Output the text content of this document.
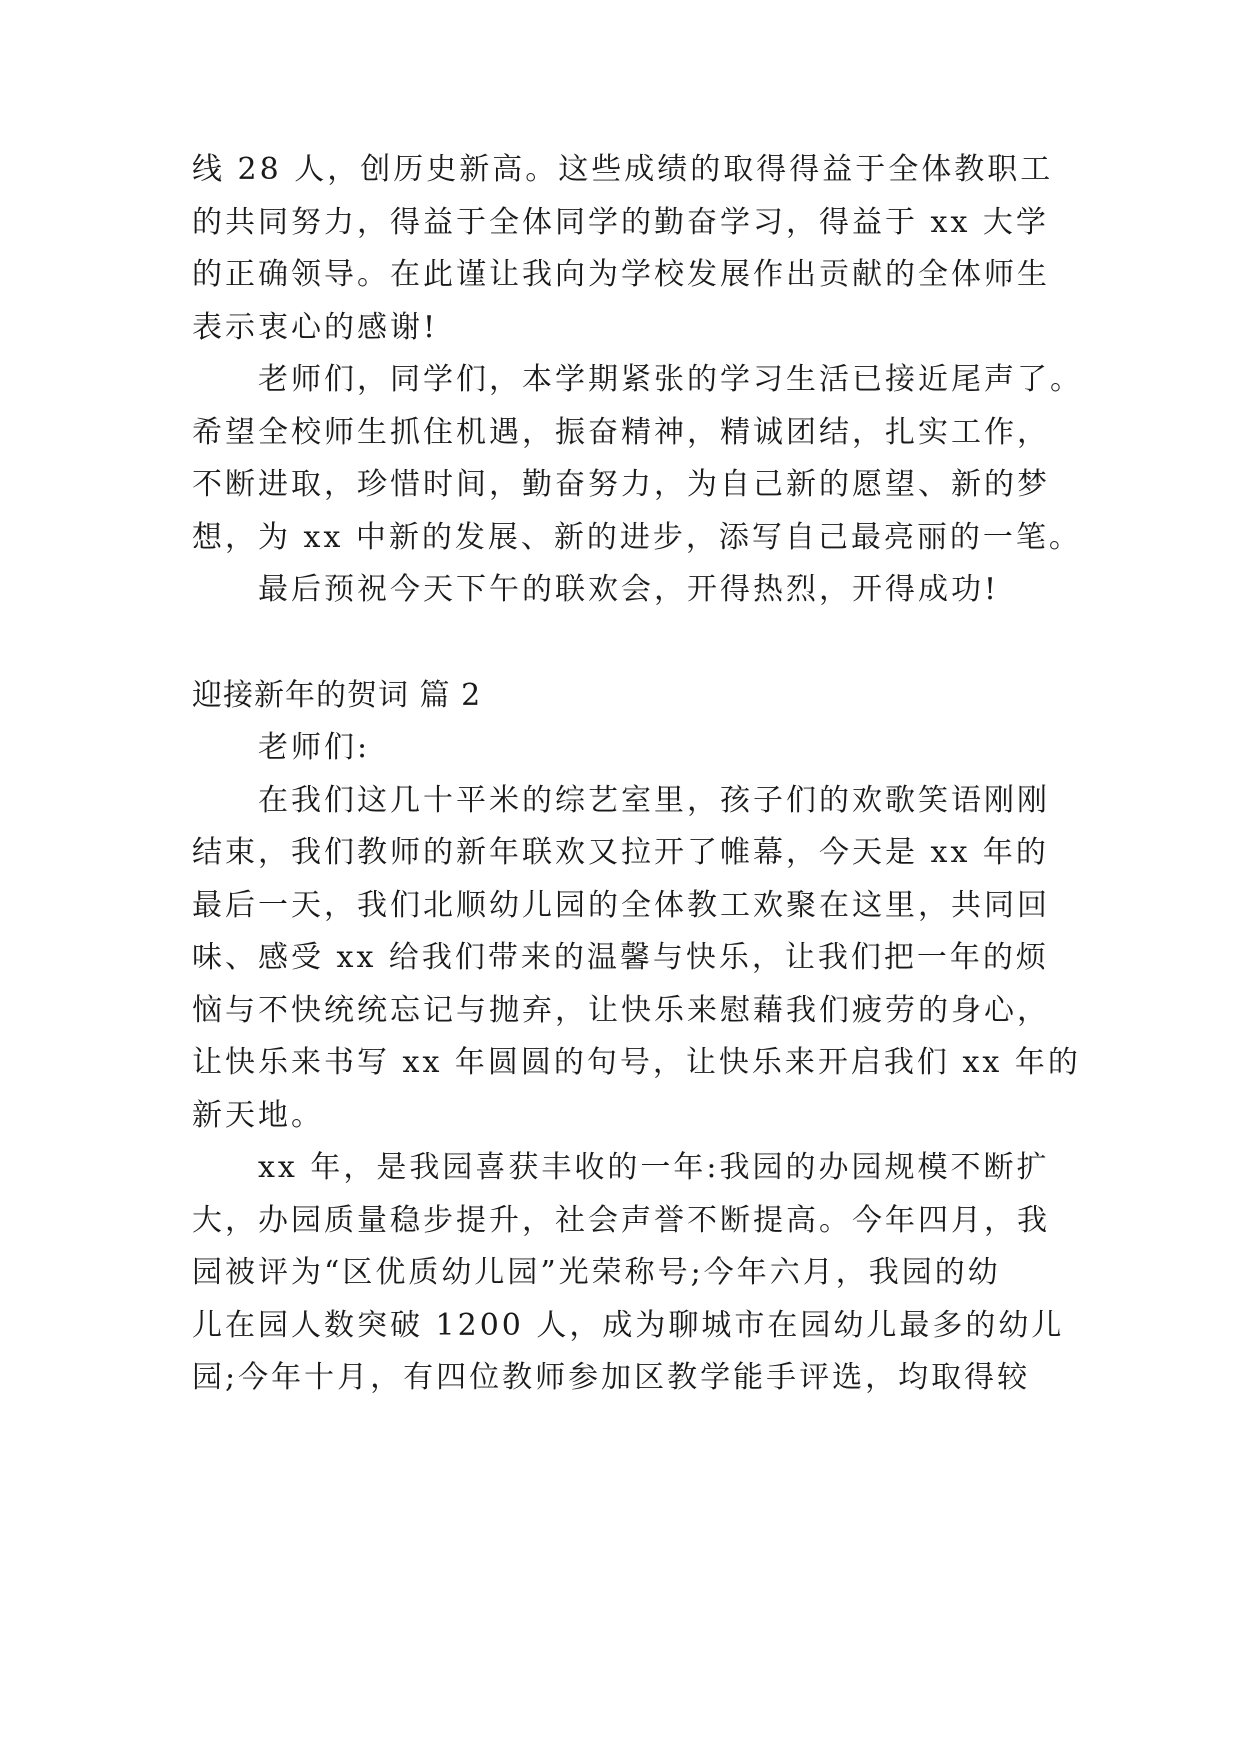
线 28 人，创历史新高。这些成绩的取得得益于全体教职工
的共同努力，得益于全体同学的勤奋学习，得益于 xx 大学
的正确领导。在此谨让我向为学校发展作出贡献的全体师生
表示衷心的感谢!
老师们，同学们，本学期紧张的学习生活已接近尾声了。
希望全校师生抓住机遇，振奋精神，精诚团结，扎实工作，
不断进取，珍惜时间，勤奋努力，为自己新的愿望、新的梦
想，为 xx 中新的发展、新的进步，添写自己最亮丽的一笔。
最后预祝今天下午的联欢会，开得热烈，开得成功!
迎接新年的贺词 篇 2
老师们:
在我们这几十平米的综艺室里，孩子们的欢歌笑语刚刚
结束，我们教师的新年联欢又拉开了帷幕，今天是 xx 年的
最后一天，我们北顺幼儿园的全体教工欢聚在这里，共同回
味、感受 xx 给我们带来的温馨与快乐，让我们把一年的烦
恼与不快统统忘记与抛弃，让快乐来慰藉我们疲劳的身心，
让快乐来书写 xx 年圆圆的句号，让快乐来开启我们 xx 年的
新天地。
xx 年，是我园喜获丰收的一年:我园的办园规模不断扩
大，办园质量稳步提升，社会声誉不断提高。今年四月，我
园被评为“区优质幼儿园”光荣称号;今年六月，我园的幼
儿在园人数突破 1200 人，成为聊城市在园幼儿最多的幼儿
园;今年十月，有四位教师参加区教学能手评选，均取得较
